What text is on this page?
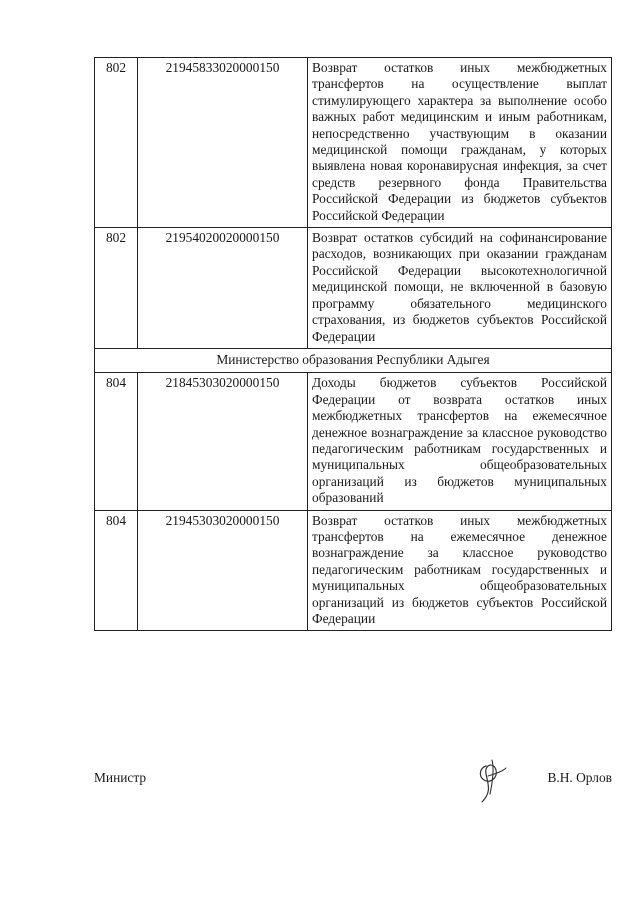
802	21945833020000150	Возврат остатков иных межбюджетных трансфертов на осуществление выплат стимулирующего характера за выполнение особо важных работ медицинским и иным работникам, непосредственно участвующим в оказании медицинской помощи гражданам, у которых выявлена новая коронавирусная инфекция, за счет средств резервного фонда Правительства Российской Федерации из бюджетов субъектов Российской Федерации
802	21954020020000150	Возврат остатков субсидий на софинансирование расходов, возникающих при оказании гражданам Российской Федерации высокотехнологичной медицинской помощи, не включенной в базовую программу обязательного медицинского страхования, из бюджетов субъектов Российской Федерации
Министерство образования Республики Адыгея		
804	21845303020000150	Доходы бюджетов субъектов Российской Федерации от возврата остатков иных межбюджетных трансфертов на ежемесячное денежное вознаграждение за классное руководство педагогическим работникам государственных и муниципальных общеобразовательных организаций из бюджетов муниципальных образований
804	21945303020000150	Возврат остатков иных межбюджетных трансфертов на ежемесячное денежное вознаграждение за классное руководство педагогическим работникам государственных и муниципальных общеобразовательных организаций из бюджетов субъектов Российской Федерации
Министр	В.Н. Орлов
